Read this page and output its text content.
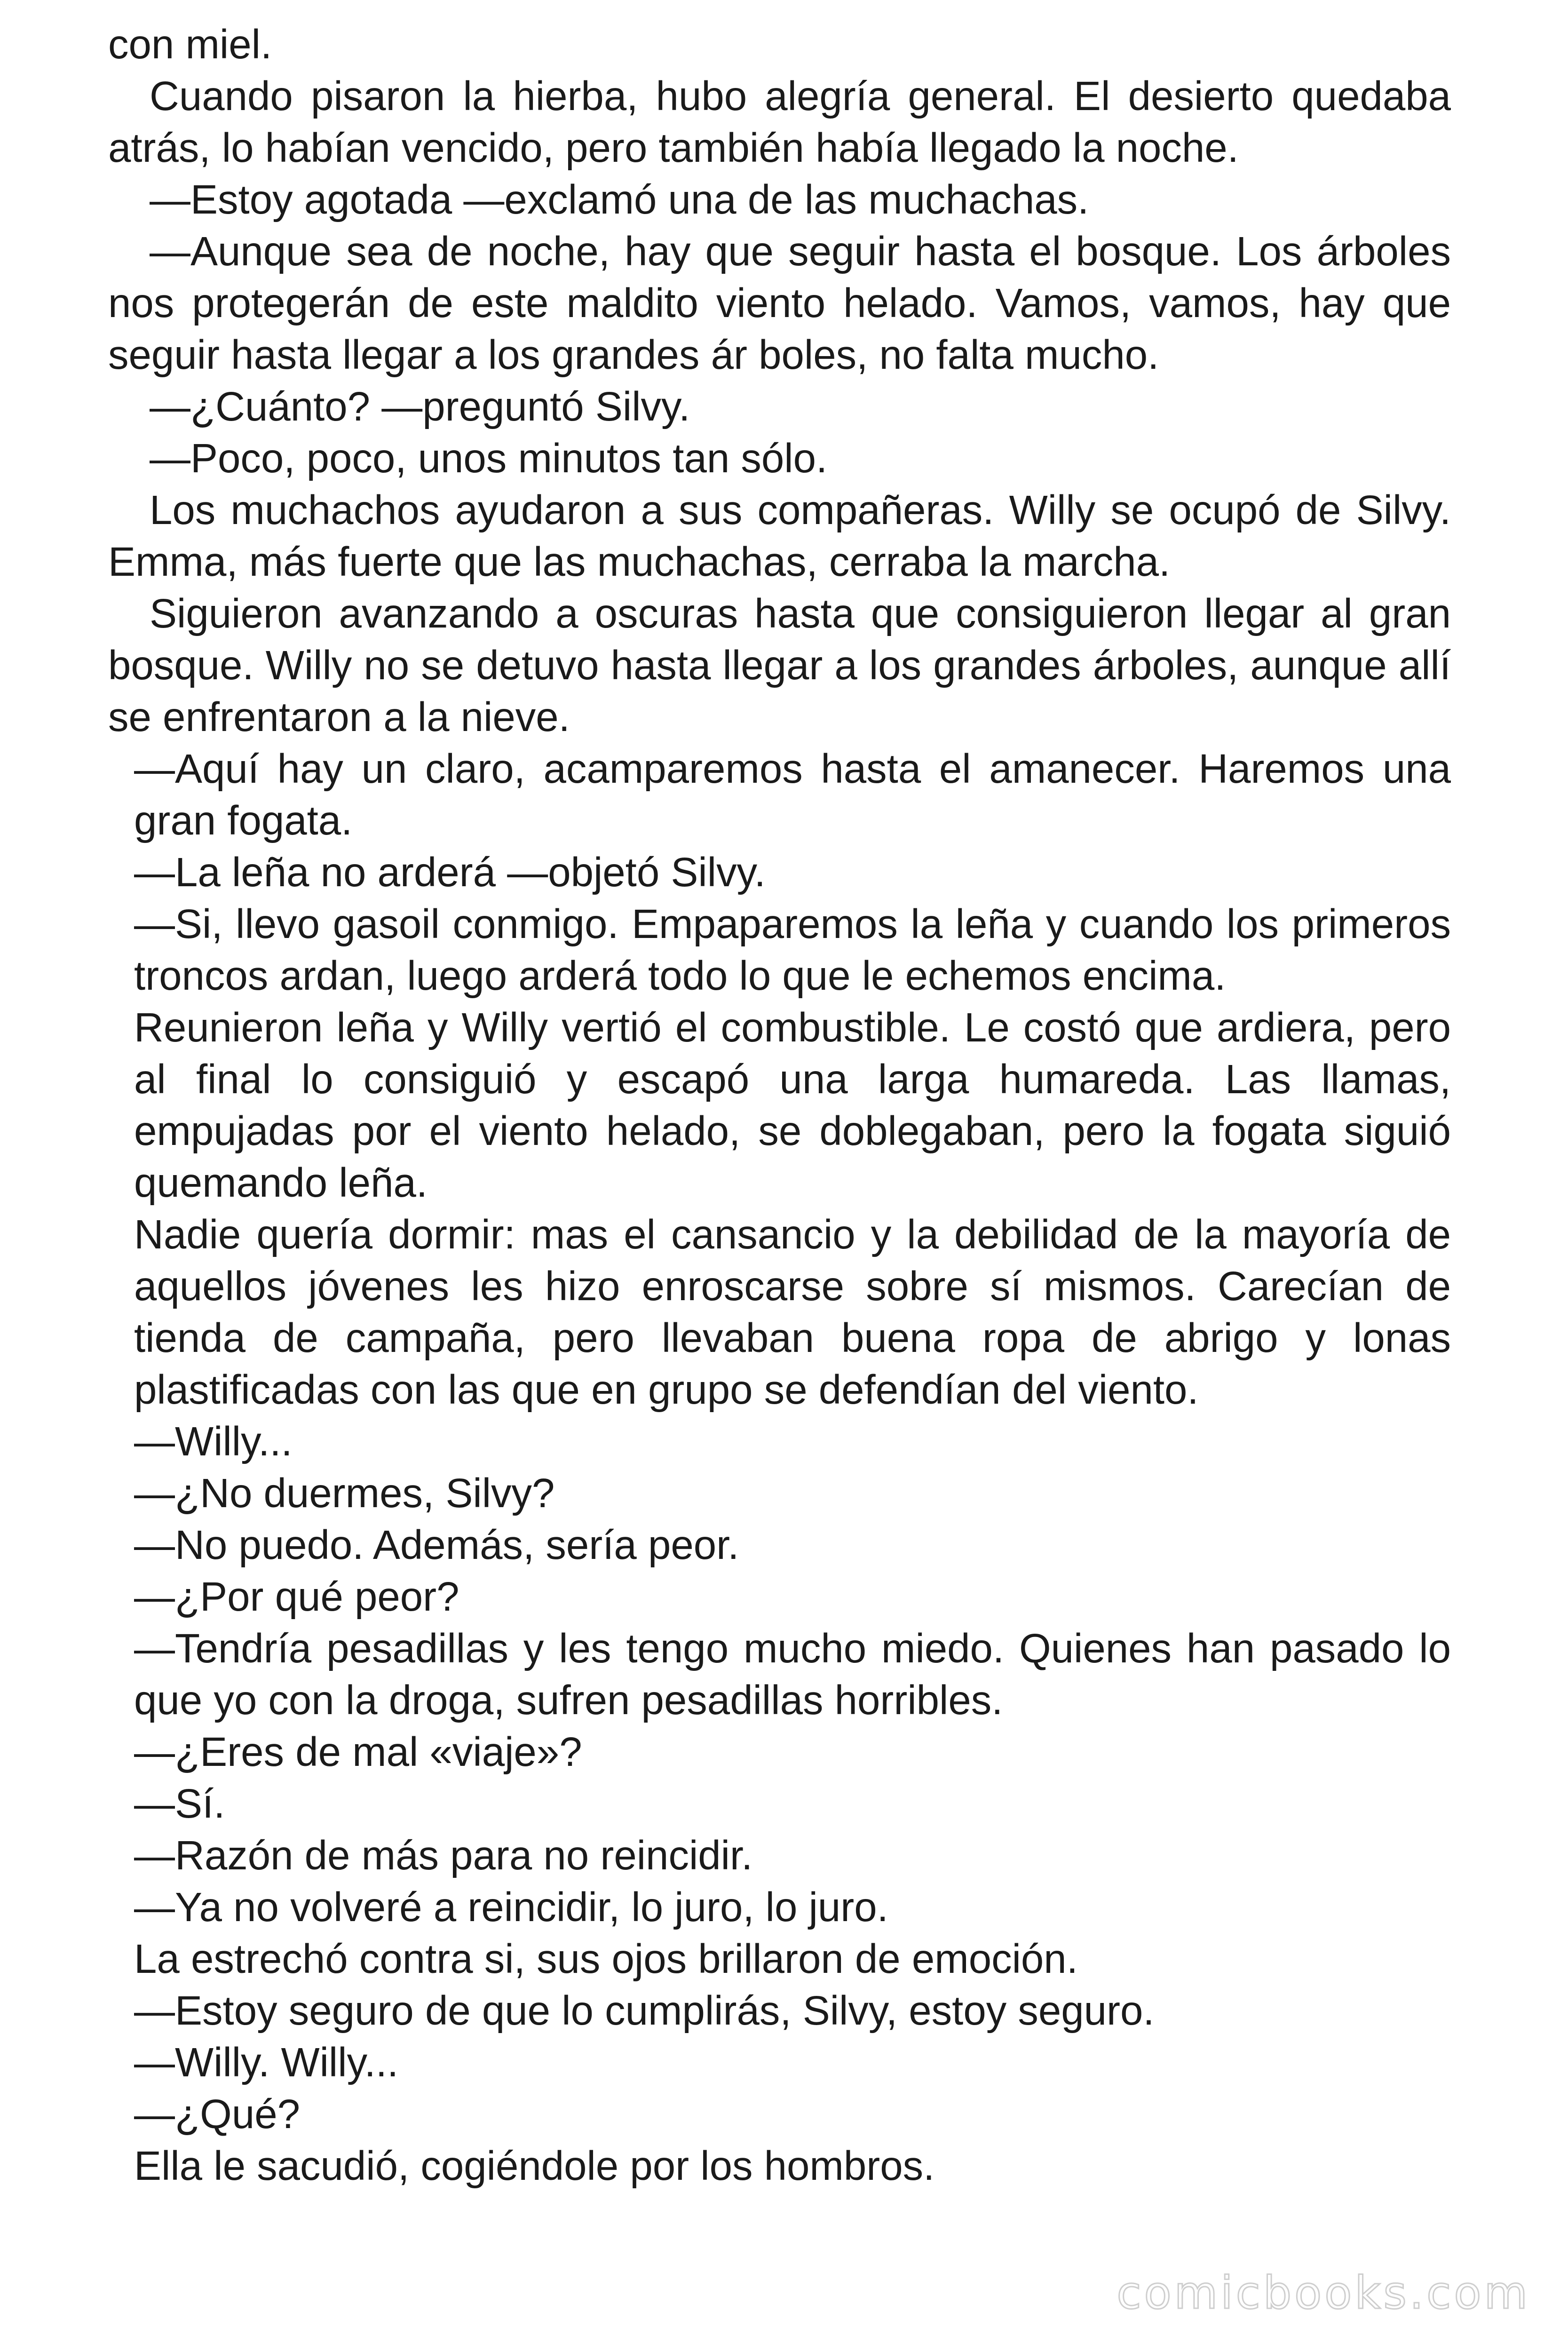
con miel.

Cuando pisaron la hierba, hubo alegría general. El desierto quedaba atrás, lo habían vencido, pero también había llegado la noche.

—Estoy agotada —exclamó una de las muchachas.

—Aunque sea de noche, hay que seguir hasta el bosque. Los árboles nos protegerán de este maldito viento helado. Vamos, vamos, hay que seguir hasta llegar a los grandes ár boles, no falta mucho.

—¿Cuánto? —preguntó Silvy.

—Poco, poco, unos minutos tan sólo.

Los muchachos ayudaron a sus compañeras. Willy se ocupó de Silvy. Emma, más fuerte que las muchachas, cerraba la marcha.

Siguieron avanzando a oscuras hasta que consiguieron llegar al gran bosque. Willy no se detuvo hasta llegar a los grandes árboles, aunque allí se enfrentaron a la nieve.

—Aquí hay un claro, acamparemos hasta el amanecer. Haremos una gran fogata.

—La leña no arderá —objetó Silvy.

—Si, llevo gasoil conmigo. Empaparemos la leña y cuando los primeros troncos ardan, luego arderá todo lo que le echemos encima.

Reunieron leña y Willy vertió el combustible. Le costó que ardiera, pero al final lo consiguió y escapó una larga humareda. Las llamas, empujadas por el viento helado, se doblegaban, pero la fogata siguió quemando leña.

Nadie quería dormir: mas el cansancio y la debilidad de la mayoría de aquellos jóvenes les hizo enroscarse sobre sí mismos. Carecían de tienda de campaña, pero llevaban buena ropa de abrigo y lonas plastificadas con las que en grupo se defendían del viento.

—Willy...

—¿No duermes, Silvy?

—No puedo. Además, sería peor.

—¿Por qué peor?

—Tendría pesadillas y les tengo mucho miedo. Quienes han pasado lo que yo con la droga, sufren pesadillas horribles.

—¿Eres de mal «viaje»?

—Sí.

—Razón de más para no reincidir.

—Ya no volveré a reincidir, lo juro, lo juro.

La estrechó contra si, sus ojos brillaron de emoción.

—Estoy seguro de que lo cumplirás, Silvy, estoy seguro.

—Willy. Willy...

—¿Qué?

Ella le sacudió, cogiéndole por los hombros.

comicbooks.com
